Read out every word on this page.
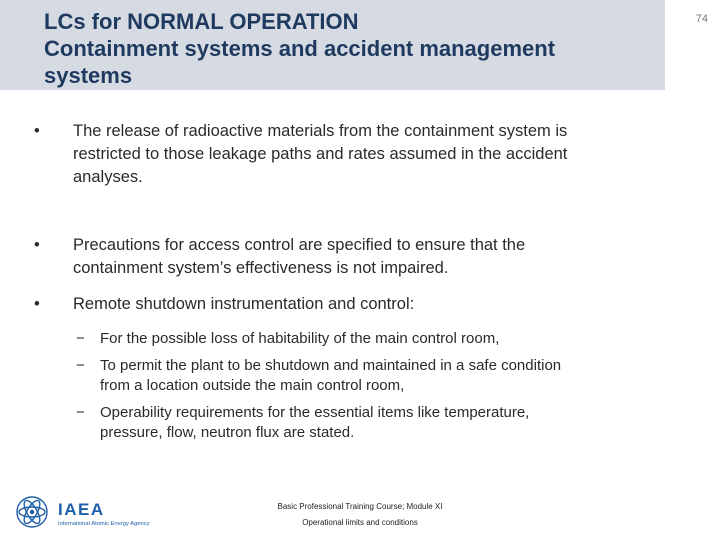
LCs for NORMAL OPERATION
Containment systems and accident management
systems
74
•	The release of radioactive materials from the containment system is
restricted to those leakage paths and rates assumed in the accident
analyses.
•	Precautions for access control are specified to ensure that the
containment system’s effectiveness is not impaired.
•	Remote shutdown instrumentation and control:
− For the possible loss of habitability of the main control room,
− To permit the plant to be shutdown and maintained in a safe condition
from a location outside the main control room,
− Operability requirements for the essential items like temperature,
pressure, flow, neutron flux are stated.
IAEA
International Atomic Energy Agency
Basic Professional Training Course; Module XI
Operational limits and conditions
